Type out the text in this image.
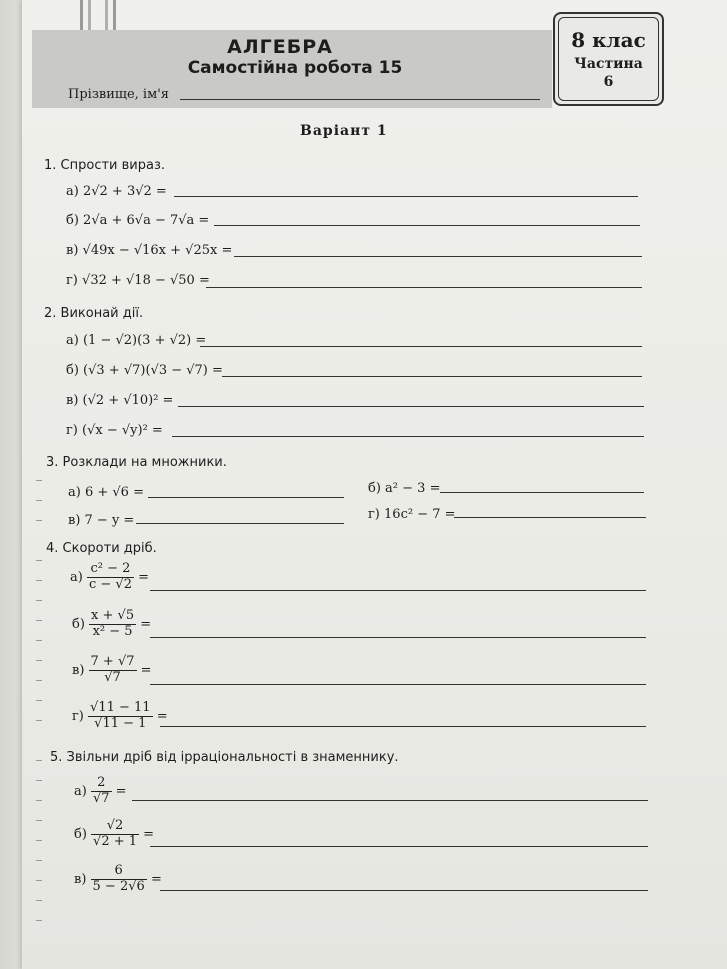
АЛГЕБРА
Самостійна робота 15
Прізвище, ім'я
8 клас
Частина
6
Варіант 1
1. Спрости вираз.
а) 2√2 + 3√2 =
б) 2√a + 6√a − 7√a =
в) √49x − √16x + √25x =
г) √32 + √18 − √50 =
2. Виконай дії.
а) (1 − √2)(3 + √2) =
б) (√3 + √7)(√3 − √7) =
в) (√2 + √10)² =
г) (√x − √y)² =
3. Розклади на множники.
а) 6 + √6 =	б) a² − 3 =
в) 7 − y =	г) 16c² − 7 =
4. Скороти дріб.
$а) \frac{\text{c² − 2}}{c - √2}$ =
$б) \frac{x + √5}{\text{x² − 5}}$ =
$в) \frac{7 + √7}{√7}$ =
$г) \frac{√11 - 11}{√11 - 1}$ =
5. Звільни дріб від ірраціональності в знаменнику.
$а) \frac{2}{√7}$ =
$б) \frac{√2}{√2 + 1}$ =
$в) \frac{6}{5 - 2√6}$ =
